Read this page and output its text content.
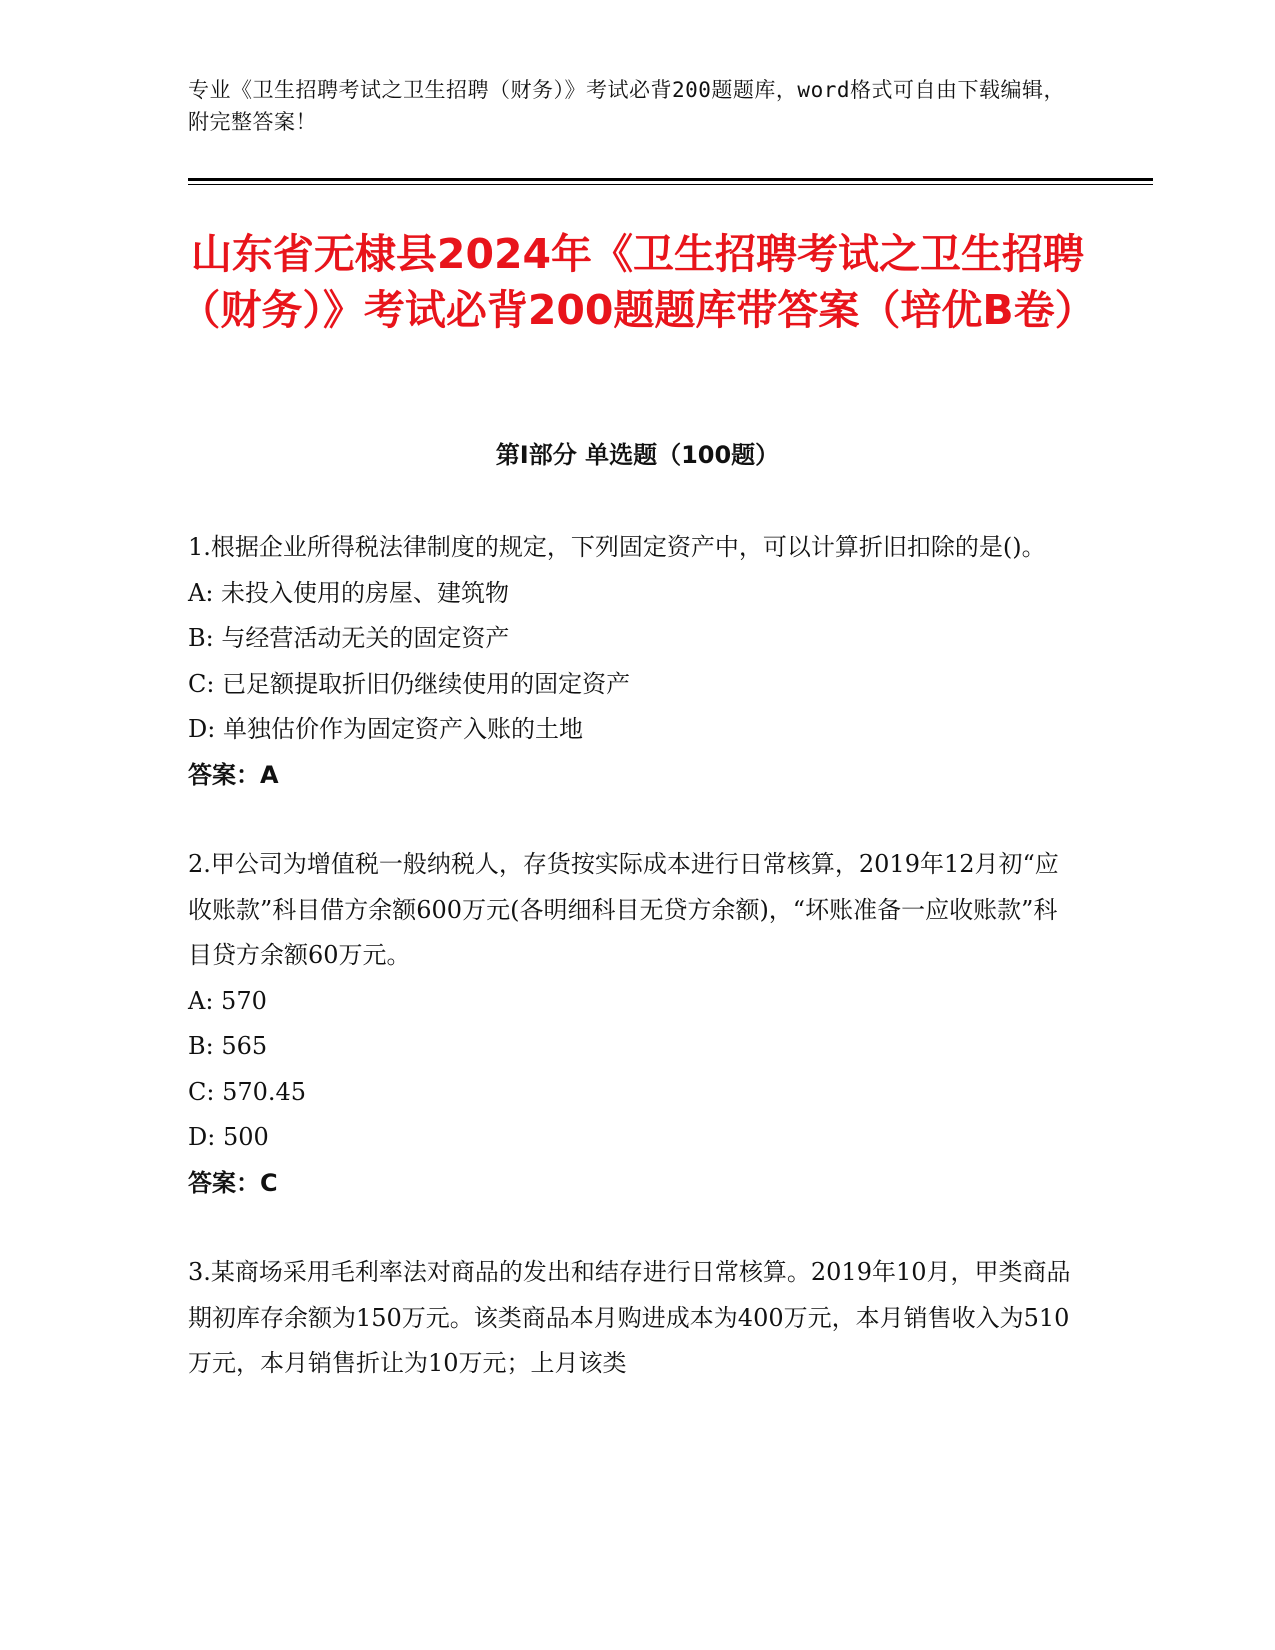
专业《卫生招聘考试之卫生招聘（财务）》考试必背200题题库，word格式可自由下载编辑，附完整答案！
山东省无棣县2024年《卫生招聘考试之卫生招聘（财务）》考试必背200题题库带答案（培优B卷）
第Ⅰ部分 单选题（100题）

1.根据企业所得税法律制度的规定，下列固定资产中，可以计算折旧扣除的是()。

A: 未投入使用的房屋、建筑物

B: 与经营活动无关的固定资产

C: 已足额提取折旧仍继续使用的固定资产

D: 单独估价作为固定资产入账的土地

答案：A

2.甲公司为增值税一般纳税人，存货按实际成本进行日常核算，2019年12月初“应收账款”科目借方余额600万元(各明细科目无贷方余额)，“坏账准备一应收账款”科目贷方余额60万元。

A: 570

B: 565

C: 570.45

D: 500

答案：C

3.某商场采用毛利率法对商品的发出和结存进行日常核算。2019年10月，甲类商品期初库存余额为150万元。该类商品本月购进成本为400万元，本月销售收入为510万元，本月销售折让为10万元；上月该类
